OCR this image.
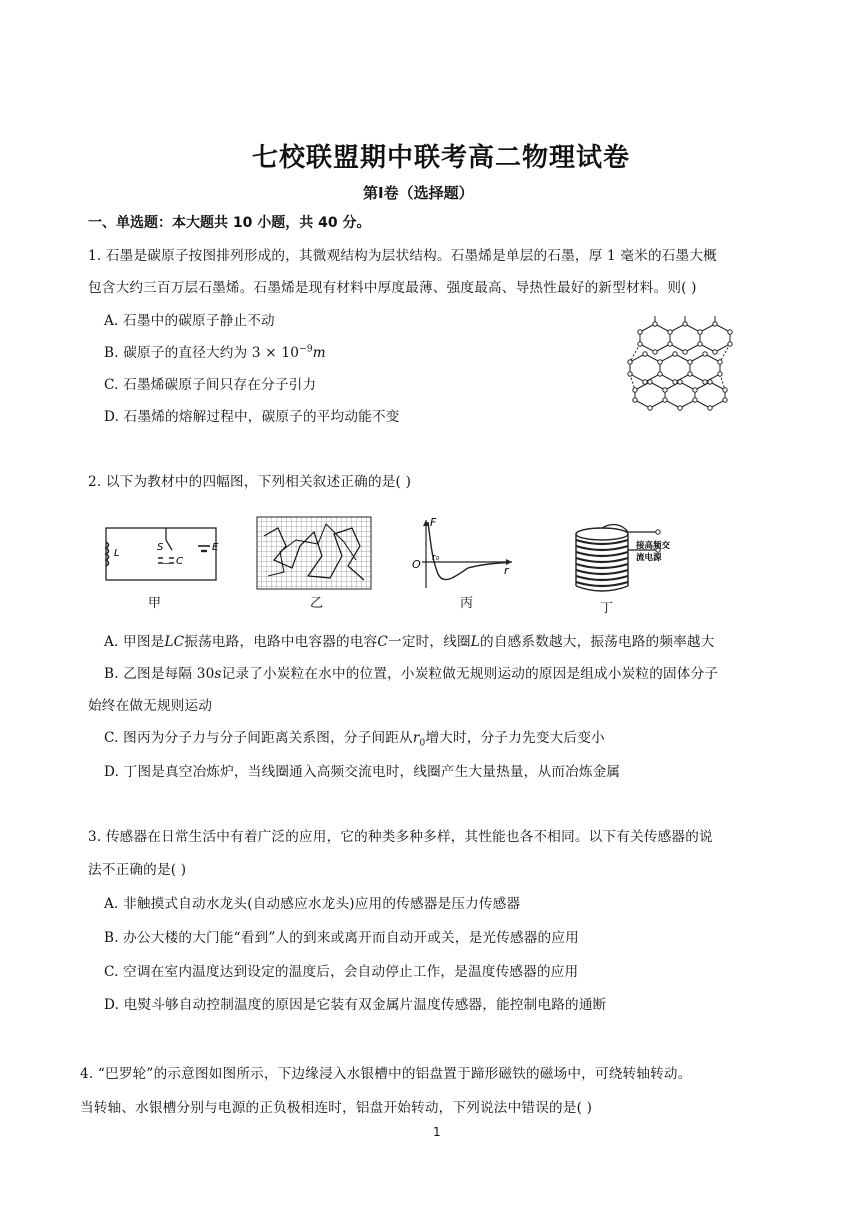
七校联盟期中联考高二物理试卷
第Ⅰ卷（选择题）
一、单选题：本大题共 10 小题，共 40 分。
1. 石墨是碳原子按图排列形成的，其微观结构为层状结构。石墨烯是单层的石墨，厚 1 毫米的石墨大概
包含大约三百万层石墨烯。石墨烯是现有材料中厚度最薄、强度最高、导热性最好的新型材料。则( )
A. 石墨中的碳原子静止不动
B. 碳原子的直径大约为 $3 \times 10^{-9}m$
C. 石墨烯碳原子间只存在分子引力
D. 石墨烯的熔解过程中，碳原子的平均动能不变
2. 以下为教材中的四幅图，下列相关叙述正确的是( )
L
S
C
E
甲	乙
F
O r₀
r
丙
接高频交
流电源
丁
A. 甲图是LC振荡电路，电路中电容器的电容C一定时，线圈L的自感系数越大，振荡电路的频率越大
B. 乙图是每隔 30s记录了小炭粒在水中的位置，小炭粒做无规则运动的原因是组成小炭粒的固体分子
始终在做无规则运动
C. 图丙为分子力与分子间距离关系图，分子间距从$r_0$增大时，分子力先变大后变小
D. 丁图是真空冶炼炉，当线圈通入高频交流电时，线圈产生大量热量，从而冶炼金属
3. 传感器在日常生活中有着广泛的应用，它的种类多种多样，其性能也各不相同。以下有关传感器的说
法不正确的是( )
A. 非触摸式自动水龙头(自动感应水龙头)应用的传感器是压力传感器
B. 办公大楼的大门能“看到”人的到来或离开而自动开或关，是光传感器的应用
C. 空调在室内温度达到设定的温度后，会自动停止工作，是温度传感器的应用
D. 电熨斗够自动控制温度的原因是它装有双金属片温度传感器，能控制电路的通断
4. “巴罗轮”的示意图如图所示，下边缘浸入水银槽中的铝盘置于蹄形磁铁的磁场中，可绕转轴转动。
当转轴、水银槽分别与电源的正负极相连时，铝盘开始转动，下列说法中错误的是( )
1
